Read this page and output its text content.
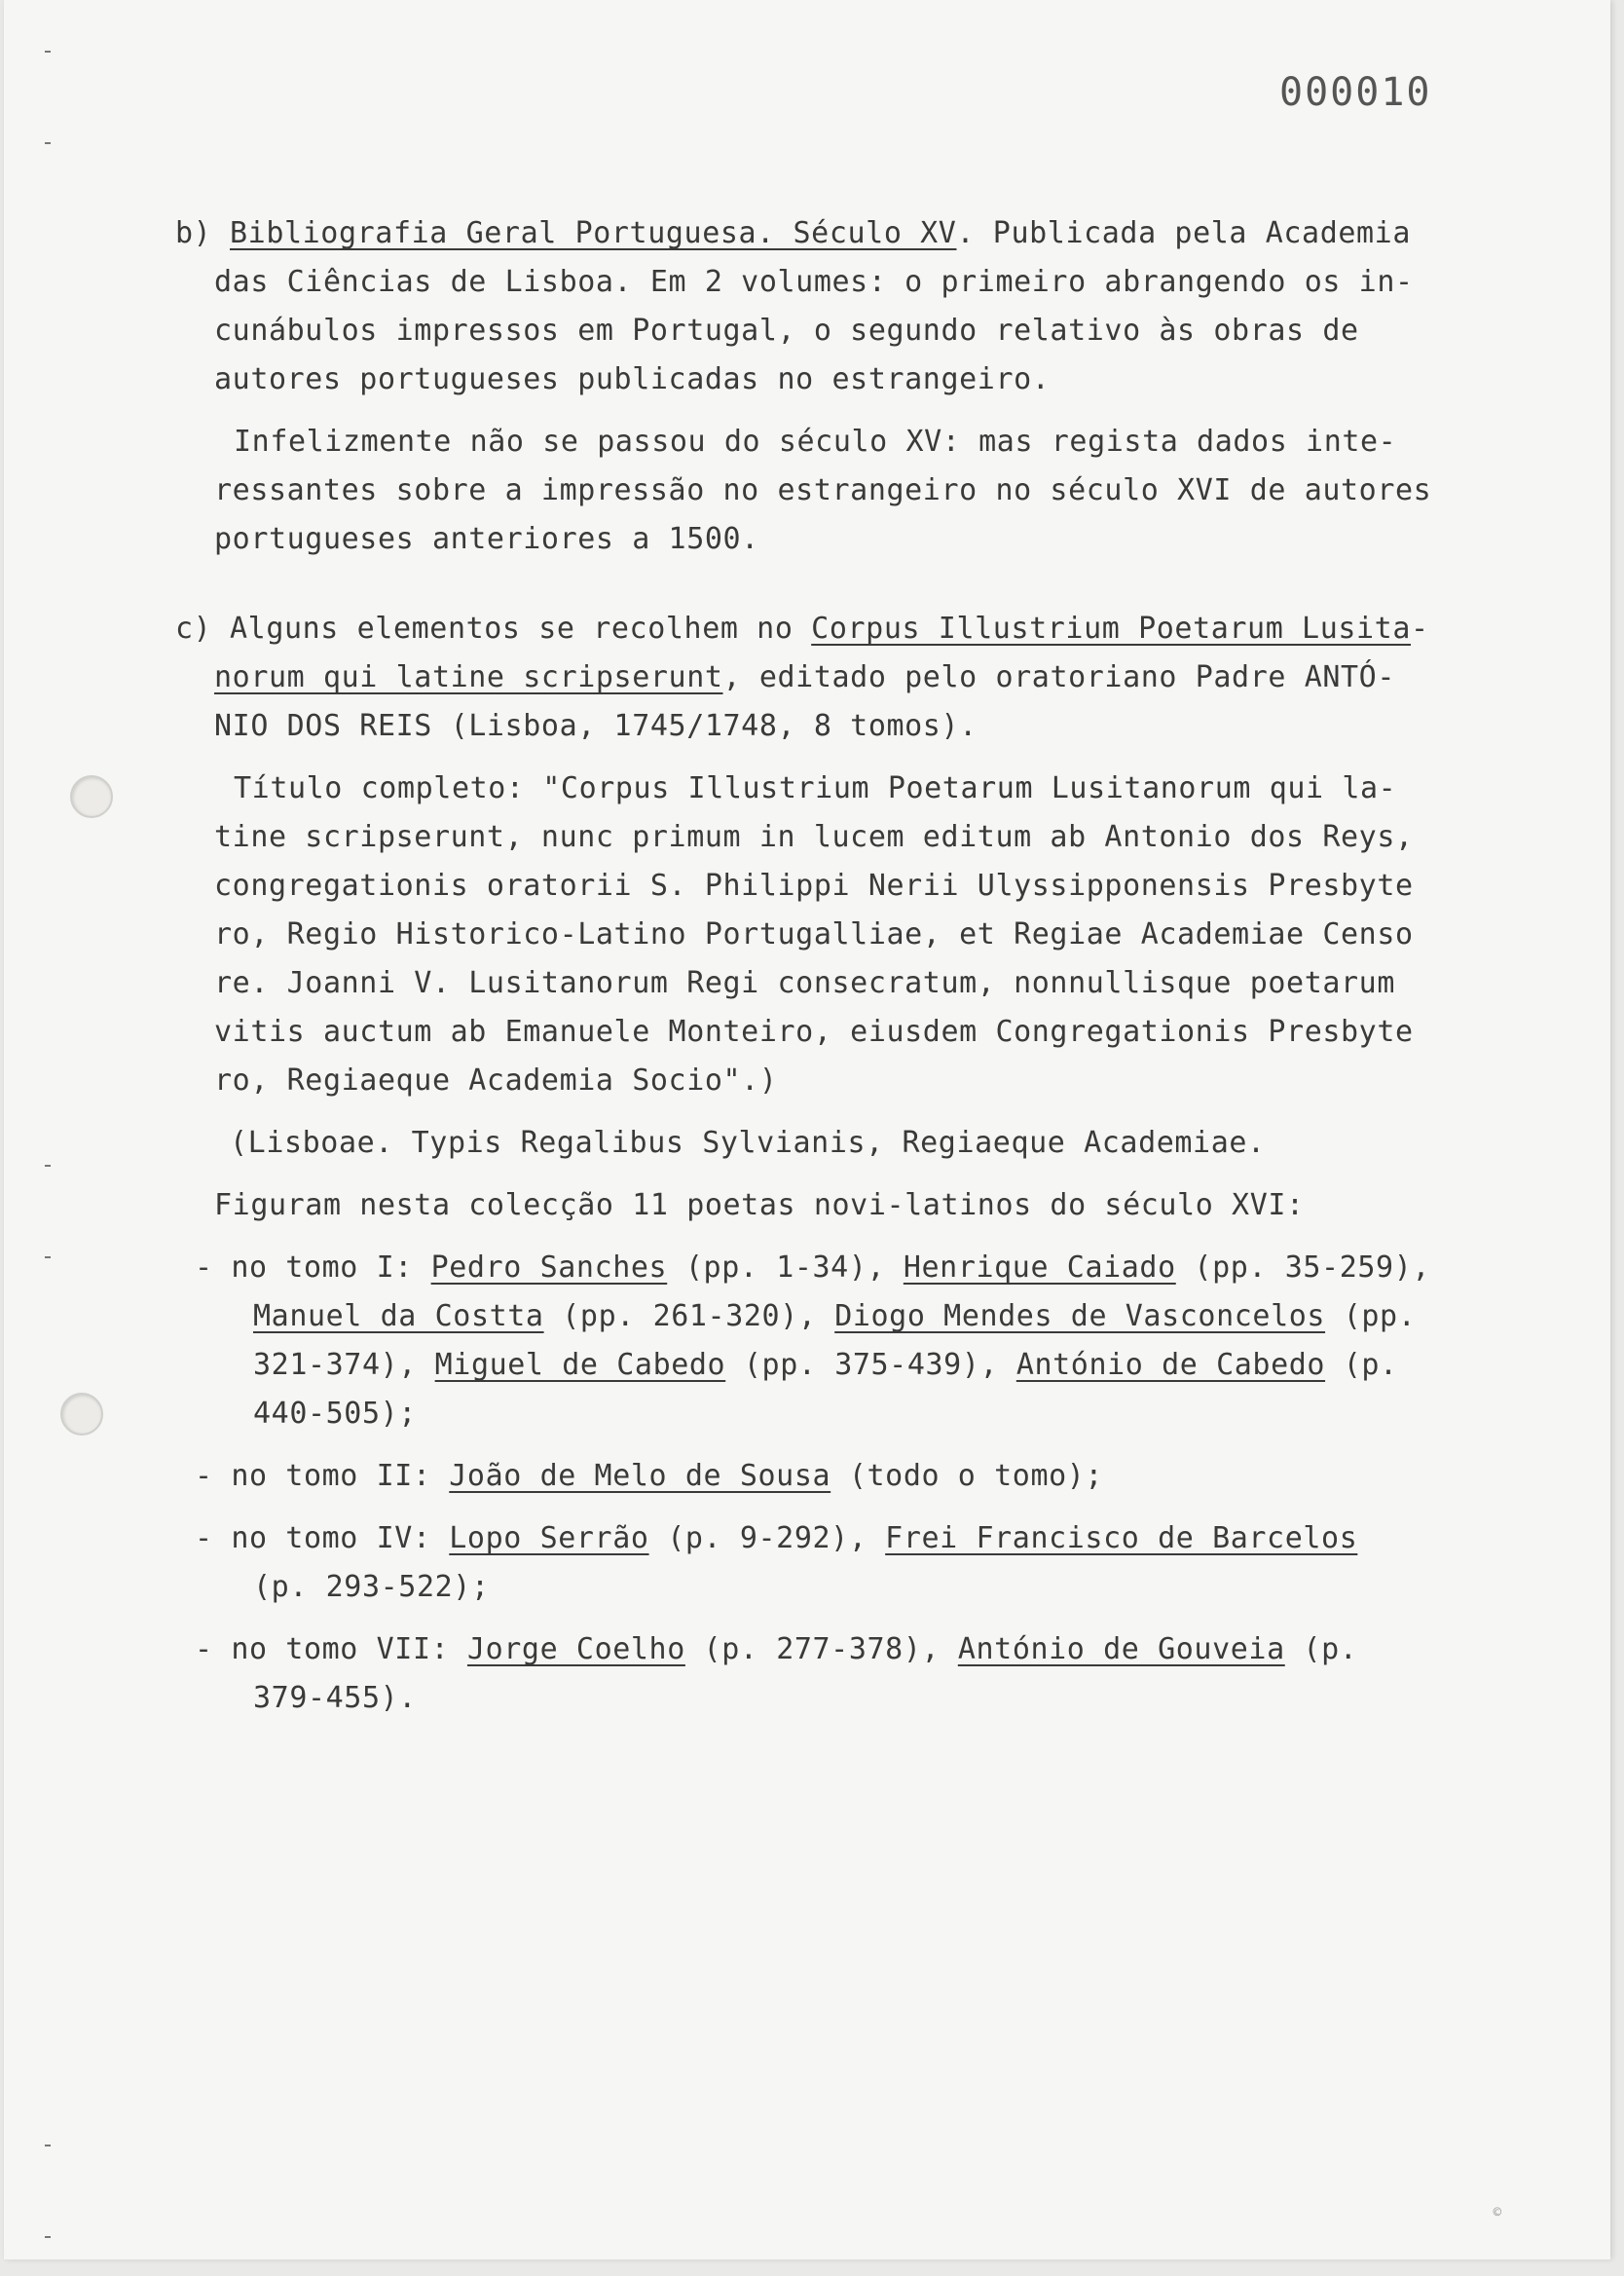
000010
b) Bibliografia Geral Portuguesa. Século XV. Publicada pela Academia
das Ciências de Lisboa. Em 2 volumes: o primeiro abrangendo os in-
cunábulos impressos em Portugal, o segundo relativo às obras de
autores portugueses publicadas no estrangeiro.
Infelizmente não se passou do século XV: mas regista dados inte-
ressantes sobre a impressão no estrangeiro no século XVI de autores
portugueses anteriores a 1500.
c) Alguns elementos se recolhem no Corpus Illustrium Poetarum Lusita-
norum qui latine scripserunt, editado pelo oratoriano Padre ANTÓ-
NIO DOS REIS (Lisboa, 1745/1748, 8 tomos).
Título completo: "Corpus Illustrium Poetarum Lusitanorum qui la-
tine scripserunt, nunc primum in lucem editum ab Antonio dos Reys,
congregationis oratorii S. Philippi Nerii Ulyssipponensis Presbyte
ro, Regio Historico-Latino Portugalliae, et Regiae Academiae Censo
re. Joanni V. Lusitanorum Regi consecratum, nonnullisque poetarum
vitis auctum ab Emanuele Monteiro, eiusdem Congregationis Presbyte
ro, Regiaeque Academia Socio".)
(Lisboae. Typis Regalibus Sylvianis, Regiaeque Academiae.
Figuram nesta colecção 11 poetas novi-latinos do século XVI:
- no tomo I: Pedro Sanches (pp. 1-34), Henrique Caiado (pp. 35-259),
Manuel da Costta (pp. 261-320), Diogo Mendes de Vasconcelos (pp.
321-374), Miguel de Cabedo (pp. 375-439), António de Cabedo (p.
440-505);
- no tomo II: João de Melo de Sousa (todo o tomo);
- no tomo IV: Lopo Serrão (p. 9-292), Frei Francisco de Barcelos
(p. 293-522);
- no tomo VII: Jorge Coelho (p. 277-378), António de Gouveia (p.
379-455).
©
